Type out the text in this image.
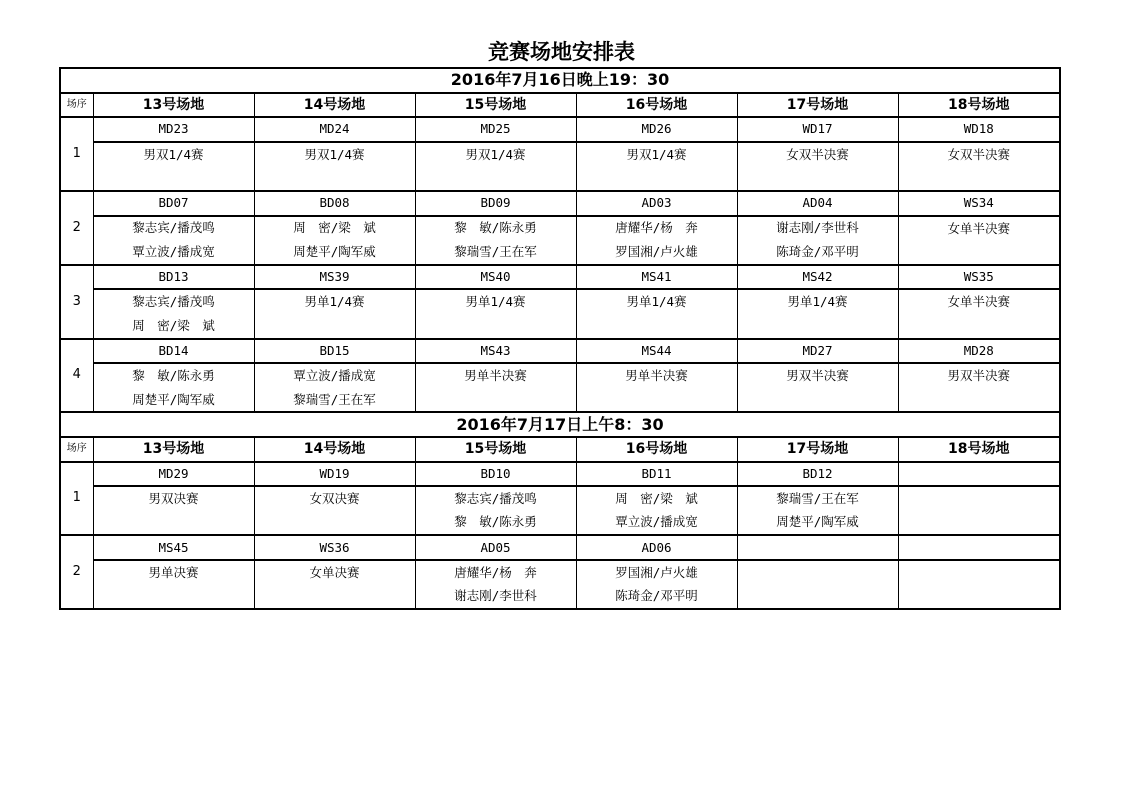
竞赛场地安排表
2016年7月16日晚上19：30						
场序	13号场地	14号场地	15号场地	16号场地	17号场地	18号场地
1	MD23	MD24	MD25	MD26	WD17	WD18
	男双1/4赛	男双1/4赛	男双1/4赛	男双1/4赛	女双半决赛	女双半决赛

2	BD07	BD08	BD09	AD03	AD04	WS34
	黎志宾/播茂鸣	周　密/梁　斌	黎　敏/陈永勇	唐耀华/杨　奔	谢志刚/李世科	女单半决赛
	覃立波/播成宽	周楚平/陶军威	黎瑞雪/王在军	罗国湘/卢火雄	陈琦金/邓平明	
3	BD13	MS39	MS40	MS41	MS42	WS35
	黎志宾/播茂鸣	男单1/4赛	男单1/4赛	男单1/4赛	男单1/4赛	女单半决赛
	周　密/梁　斌					
4	BD14	BD15	MS43	MS44	MD27	MD28
	黎　敏/陈永勇	覃立波/播成宽	男单半决赛	男单半决赛	男双半决赛	男双半决赛
	周楚平/陶军威	黎瑞雪/王在军				
2016年7月17日上午8：30						
场序	13号场地	14号场地	15号场地	16号场地	17号场地	18号场地
1	MD29	WD19	BD10	BD11	BD12	
	男双决赛	女双决赛	黎志宾/播茂鸣	周　密/梁　斌	黎瑞雪/王在军	
			黎　敏/陈永勇	覃立波/播成宽	周楚平/陶军威	
2	MS45	WS36	AD05	AD06		
	男单决赛	女单决赛	唐耀华/杨　奔	罗国湘/卢火雄		
			谢志刚/李世科	陈琦金/邓平明		
